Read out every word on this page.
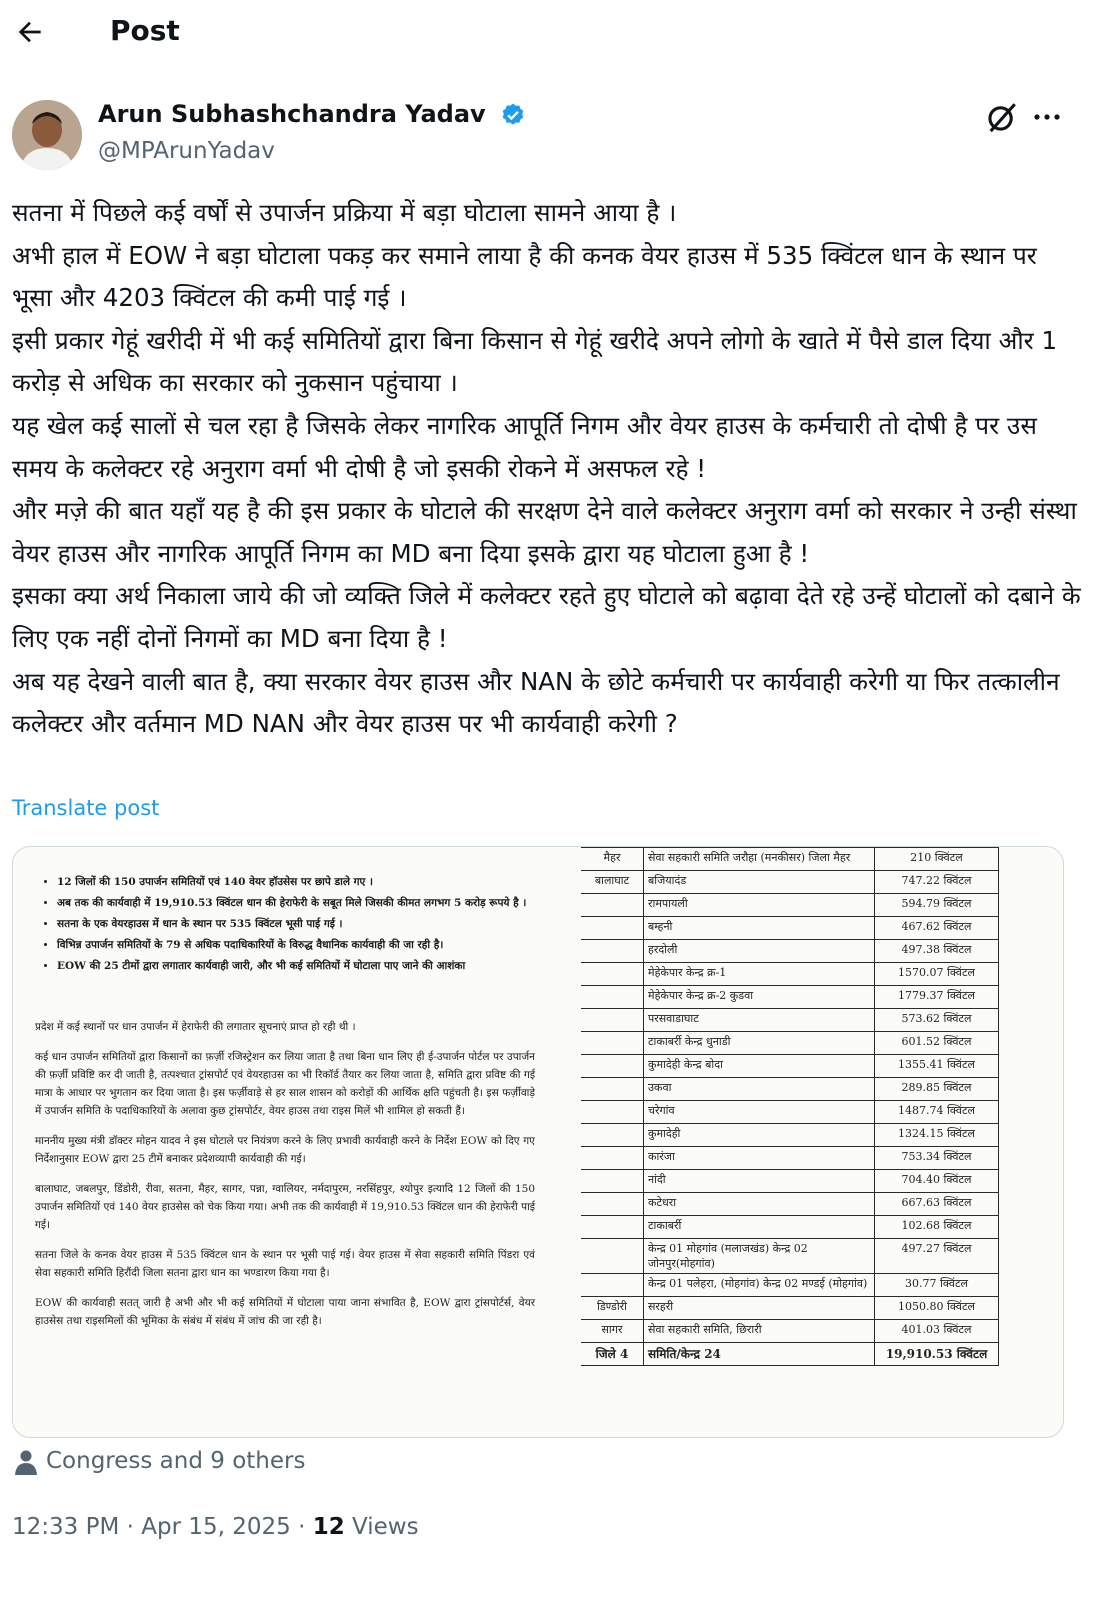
Post
Arun Subhashchandra Yadav
@MPArunYadav

सतना में पिछले कई वर्षों से उपार्जन प्रक्रिया में बड़ा घोटाला सामने आया है ।

अभी हाल में EOW ने बड़ा घोटाला पकड़ कर समाने लाया है की कनक वेयर हाउस में 535 क्विंटल धान के स्थान पर भूसा और 4203 क्विंटल की कमी पाई गई ।

इसी प्रकार गेहूं खरीदी में भी कई समितियों द्वारा बिना किसान से गेहूं खरीदे अपने लोगो के खाते में पैसे डाल दिया और 1 करोड़ से अधिक का सरकार को नुकसान पहुंचाया ।

यह खेल कई सालों से चल रहा है जिसके लेकर नागरिक आपूर्ति निगम और वेयर हाउस के कर्मचारी तो दोषी है पर उस समय के कलेक्टर रहे अनुराग वर्मा भी दोषी है जो इसकी रोकने में असफल रहे !

और मज़े की बात यहाँ यह है की इस प्रकार के घोटाले की सरक्षण देने वाले कलेक्टर अनुराग वर्मा को सरकार ने उन्ही संस्था वेयर हाउस और नागरिक आपूर्ति निगम का MD बना दिया इसके द्वारा यह घोटाला हुआ है !

इसका क्या अर्थ निकाला जाये की जो व्यक्ति जिले में कलेक्टर रहते हुए घोटाले को बढ़ावा देते रहे उन्हें घोटालों को दबाने के लिए एक नहीं दोनों निगमों का MD बना दिया है !

अब यह देखने वाली बात है, क्या सरकार वेयर हाउस और NAN के छोटे कर्मचारी पर कार्यवाही करेगी या फिर तत्कालीन कलेक्टर और वर्तमान MD NAN और वेयर हाउस पर भी कार्यवाही करेगी ?

Translate post
• 12 जिलों की 150 उपार्जन समितियों एवं 140 वेयर हॉउसेस पर छापे डाले गए ।
• अब तक की कार्यवाही में 19,910.53 क्विंटल धान की हेराफेरी के सबूत मिले जिसकी कीमत लगभग 5 करोड़ रूपये है ।
• सतना के एक वेयरहाउस में धान के स्थान पर 535 क्विंटल भूसी पाई गई ।
• विभिन्न उपार्जन समितियों के 79 से अधिक पदाधिकारियों के विरुद्ध वैधानिक कार्यवाही की जा रही है।
• EOW की 25 टीमों द्वारा लगातार कार्यवाही जारी, और भी कई समितियों में घोटाला पाए जाने की आशंका
प्रदेश में कई स्थानों पर धान उपार्जन में हेराफेरी की लगातार सूचनाएं प्राप्त हो रही थी ।
कई धान उपार्जन समितियों द्वारा किसानों का फ़र्ज़ी रजिस्ट्रेशन कर लिया जाता है तथा बिना धान लिए ही ई-उपार्जन पोर्टल पर उपार्जन की फ़र्ज़ी प्रविष्टि कर दी जाती है, तत्पश्चात ट्रांसपोर्ट एवं वेयरहाउस का भी रिकॉर्ड तैयार कर लिया जाता है, समिति द्वारा प्रविष्ट की गई मात्रा के आधार पर भुगतान कर दिया जाता है। इस फर्ज़ीवाड़े से हर साल शासन को करोड़ों की आर्थिक क्षति पहुंचती है। इस फर्ज़ीवाड़े में उपार्जन समिति के पदाधिकारियों के अलावा कुछ ट्रांसपोर्टर, वेयर हाउस तथा राइस मिलें भी शामिल हो सकती हैं।
माननीय मुख्य मंत्री डॉक्टर मोहन यादव ने इस घोटाले पर नियंत्रण करने के लिए प्रभावी कार्यवाही करने के निर्देश EOW को दिए गए निर्देशानुसार EOW द्वारा 25 टीमें बनाकर प्रदेशव्यापी कार्यवाही की गई।
बालाघाट, जबलपुर, डिंडोरी, रीवा, सतना, मैहर, सागर, पन्ना, ग्वालियर, नर्मदापुरम, नरसिंहपुर, श्योपुर इत्यादि 12 जिलों की 150 उपार्जन समितियों एवं 140 वेयर हाउसेस को चेक किया गया। अभी तक की कार्यवाही में 19,910.53 क्विंटल धान की हेराफेरी पाई गई।
सतना जिले के कनक वेयर हाउस में 535 क्विंटल धान के स्थान पर भूसी पाई गई। वेयर हाउस में सेवा सहकारी समिति पिंडरा एवं सेवा सहकारी समिति हिरौंदी जिला सतना द्वारा धान का भण्डारण किया गया है।
EOW की कार्यवाही सतत् जारी है अभी और भी कई समितियों में घोटाला पाया जाना संभावित है, EOW द्वारा ट्रांसपोर्टर्स, वेयर हाउसेस तथा राइसमिलों की भूमिका के संबंध में संबंध में जांच की जा रही है।
मैहर	सेवा सहकारी समिति जरौहा (मनकीसर) जिला मैहर	210 क्विंटल
बालाघाट	बजियादंड	747.22 क्विंटल
	रामपायली	594.79 क्विंटल
	बम्हनी	467.62 क्विंटल
	हरदोली	497.38 क्विंटल
	मेहेकेपार केन्द्र क्र-1	1570.07 क्विंटल
	मेहेकेपार केन्द्र क्र-2 कुडवा	1779.37 क्विंटल
	परसवाडाघाट	573.62 क्विंटल
	टाकाबर्री केन्द्र धुनाडी	601.52 क्विंटल
	कुमादेही केन्द्र बोदा	1355.41 क्विंटल
	उकवा	289.85 क्विंटल
	चरेगांव	1487.74 क्विंटल
	कुमादेही	1324.15 क्विंटल
	कारंजा	753.34 क्विंटल
	नांदी	704.40 क्विंटल
	कटेधरा	667.63 क्विंटल
	टाकाबर्री	102.68 क्विंटल
	केन्द्र 01 मोहगांव (मलाजखंड) केन्द्र 02 जोनपुर(मोहगांव)	497.27 क्विंटल
	केन्द्र 01 पलेहरा, (मोहगांव) केन्द्र 02 मण्डई (मोहगांव)	30.77 क्विंटल
डिण्डोरी	सरहरी	1050.80 क्विंटल
सागर	सेवा सहकारी समिति, छिरारी	401.03 क्विंटल
जिले 4	समिति/केन्द्र 24	19,910.53 क्विंटल
Congress and 9 others
12:33 PM · Apr 15, 2025 · 12 Views
